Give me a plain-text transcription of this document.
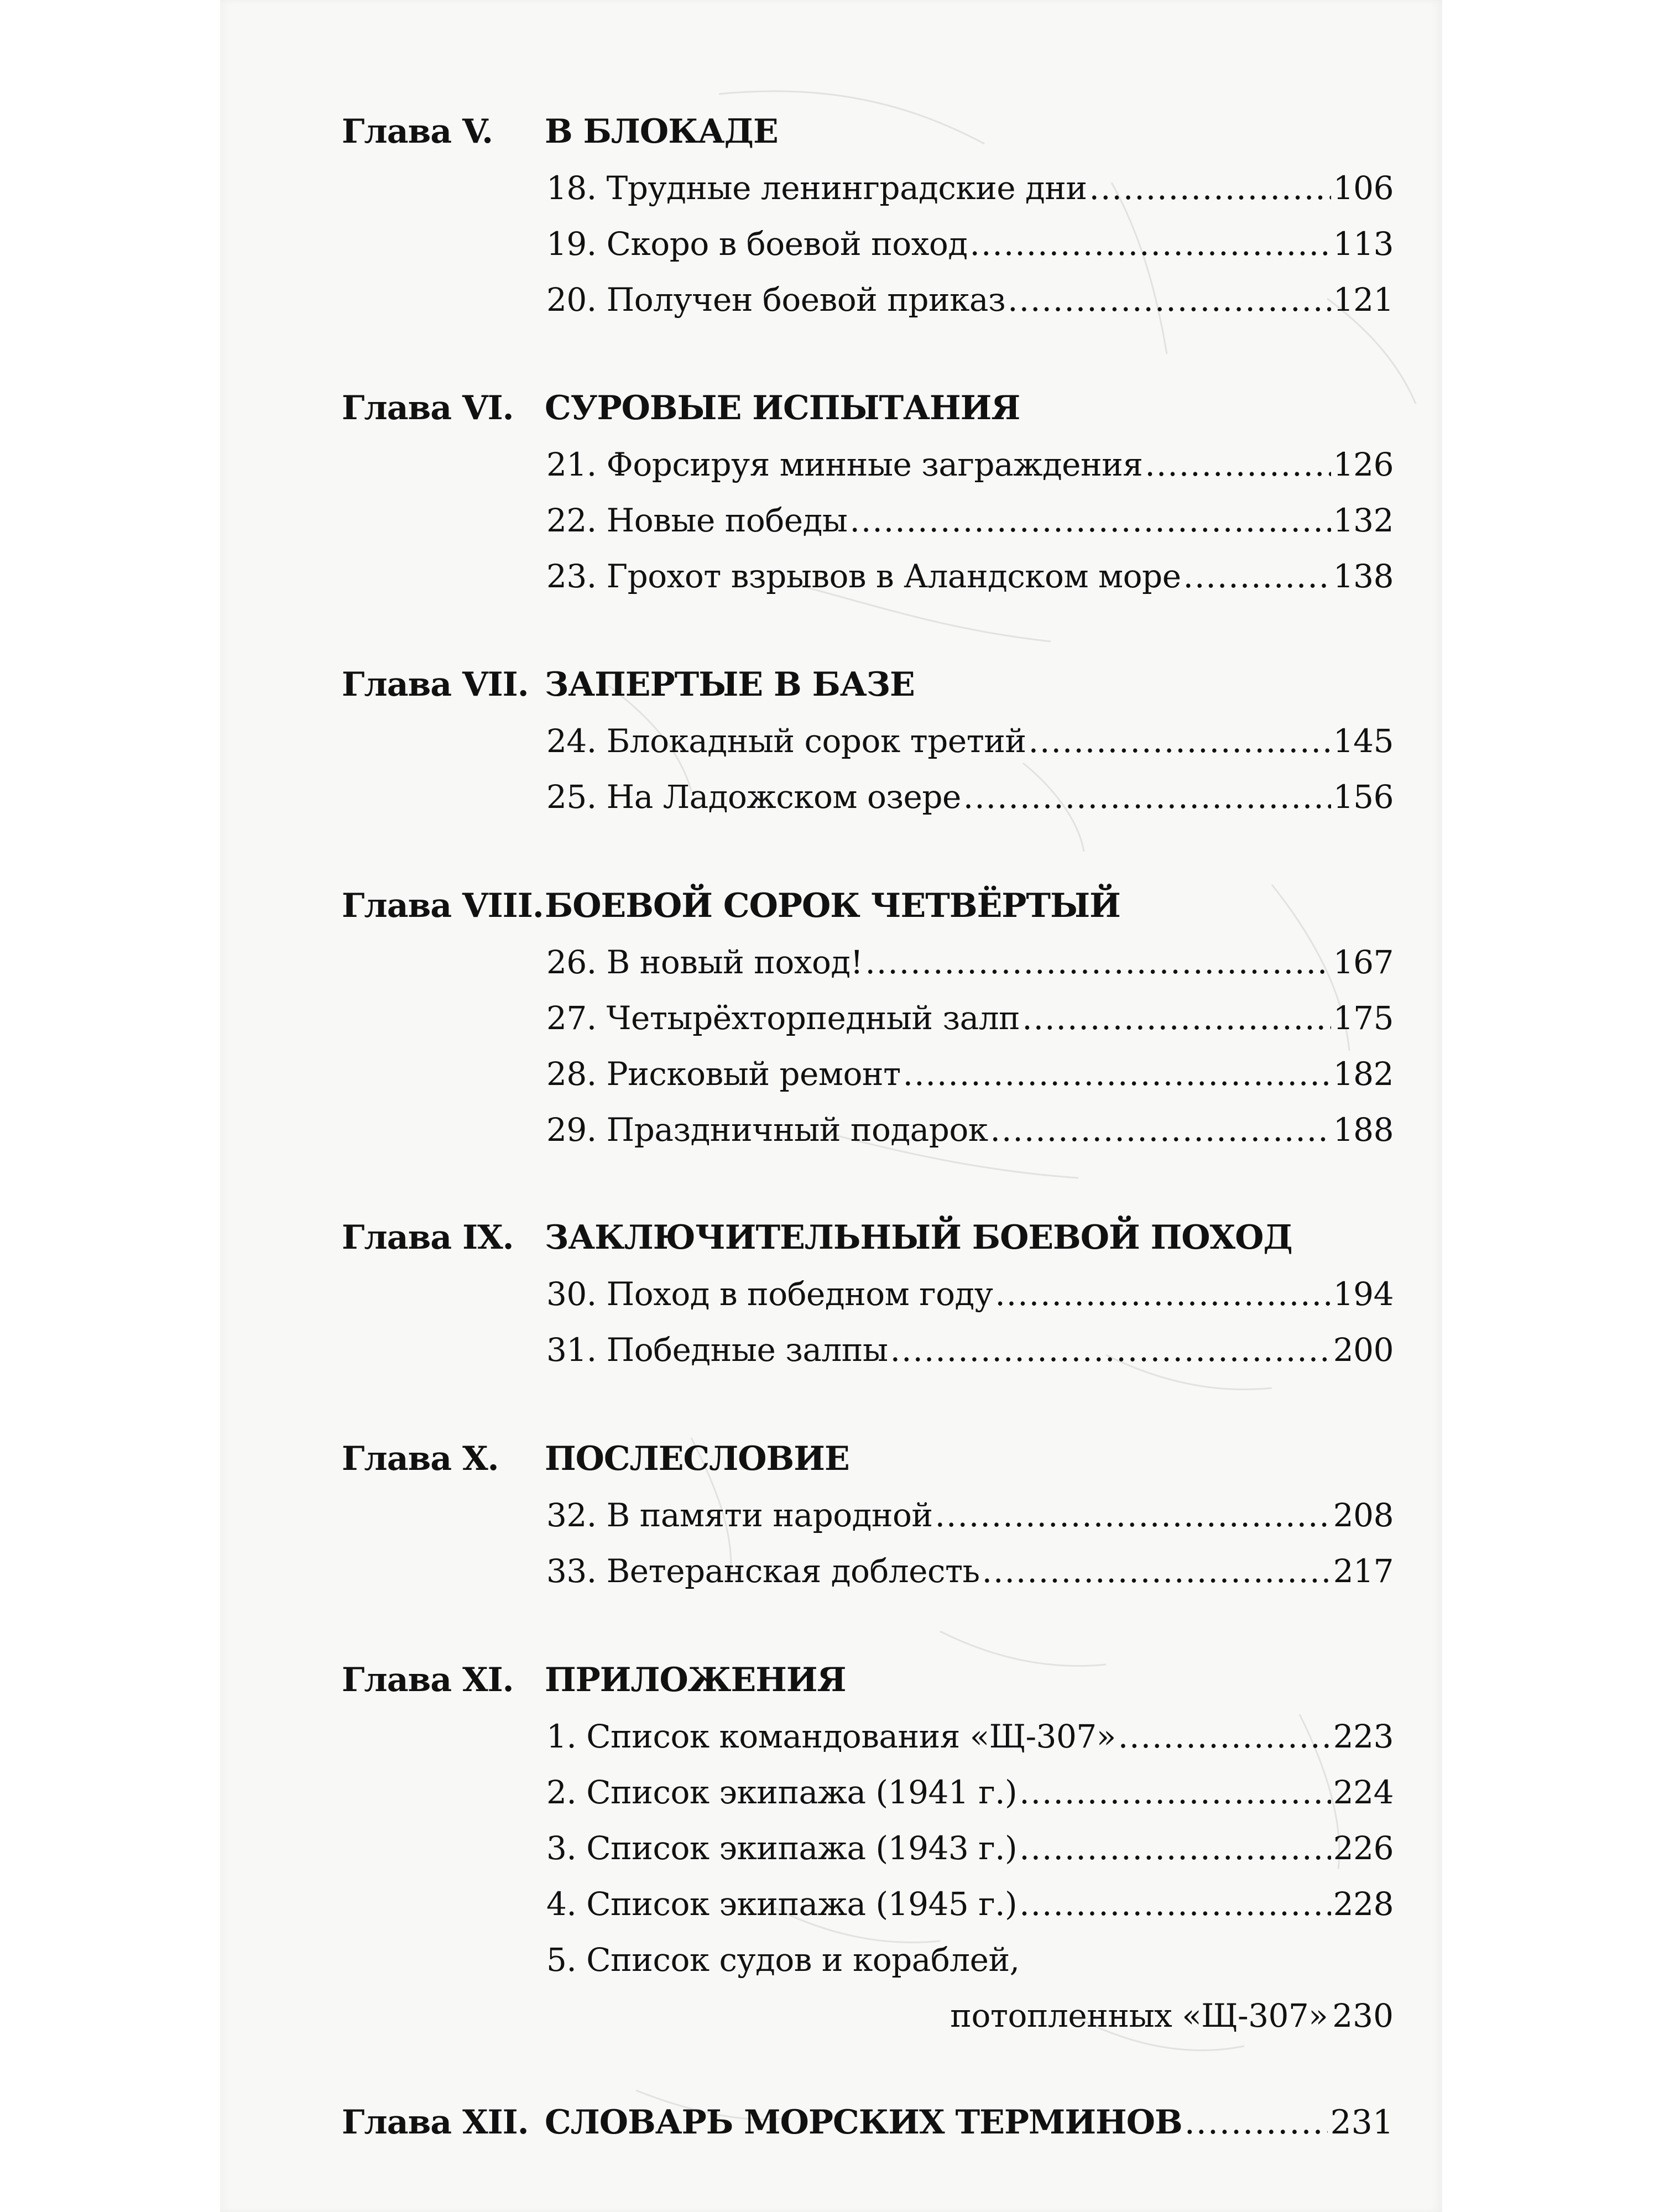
Глава V. В БЛОКАДЕ
18. Трудные ленинградские дни .....	106
19. Скоро в боевой поход .....	113
20. Получен боевой приказ .....	121
Глава VI. СУРОВЫЕ ИСПЫТАНИЯ
21. Форсируя минные заграждения .....	126
22. Новые победы .....	132
23. Грохот взрывов в Аландском море .....	138
Глава VII. ЗАПЕРТЫЕ В БАЗЕ
24. Блокадный сорок третий .....	145
25. На Ладожском озере .....	156
Глава VIII. БОЕВОЙ СОРОК ЧЕТВЁРТЫЙ
26. В новый поход! .....	167
27. Четырёхторпедный залп .....	175
28. Рисковый ремонт .....	182
29. Праздничный подарок .....	188
Глава IX. ЗАКЛЮЧИТЕЛЬНЫЙ БОЕВОЙ ПОХОД
30. Поход в победном году .....	194
31. Победные залпы .....	200
Глава X. ПОСЛЕСЛОВИЕ
32. В памяти народной .....	208
33. Ветеранская доблесть .....	217
Глава XI. ПРИЛОЖЕНИЯ
1. Список командования «Щ-307» .....	223
2. Список экипажа (1941 г.) .....	224
3. Список экипажа (1943 г.) .....	226
4. Список экипажа (1945 г.) .....	228
5. Список судов и кораблей,
потопленных «Щ-307» 230
Глава XII. СЛОВАРЬ МОРСКИХ ТЕРМИНОВ .....	231
